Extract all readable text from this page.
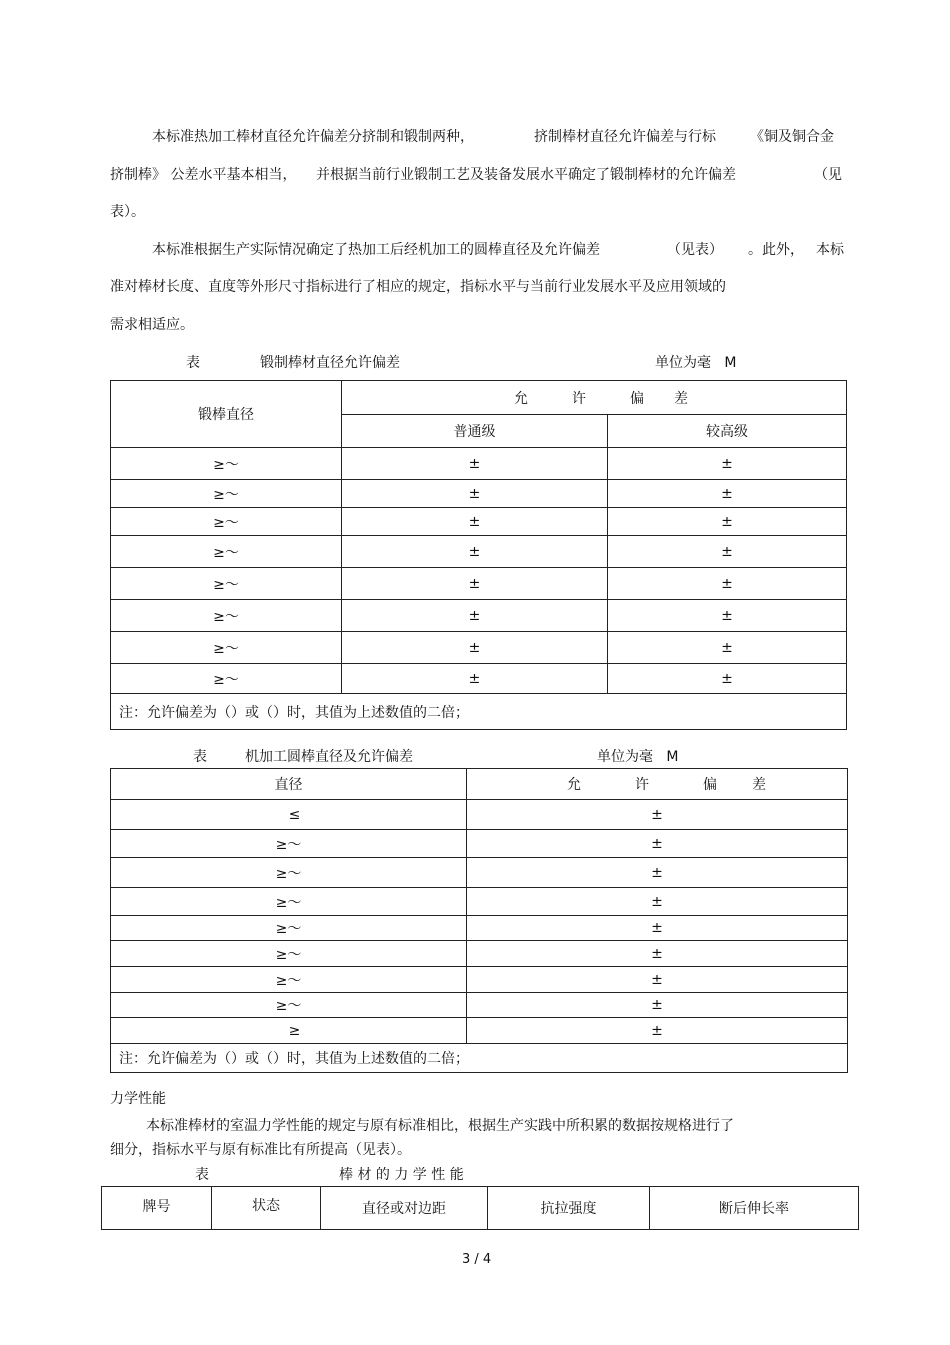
本标准热加工棒材直径允许偏差分挤制和锻制两种，	挤制棒材直径允许偏差与行标 《铜及铜合金
挤制棒》 公差水平基本相当， 并根据当前行业锻制工艺及装备发展水平确定了锻制棒材的允许偏差	（见
表）。
本标准根据生产实际情况确定了热加工后经机加工的圆棒直径及允许偏差	（见表） 。此外， 本标
准对棒材长度、直度等外形尺寸指标进行了相应的规定，指标水平与当前行业发展水平及应用领域的
需求相适应。
表	锻制棒材直径允许偏差	单位为毫   M
锻棒直径	允 许 偏 差	
	普通级	较高级
≥～	±	±
≥～	±	±
≥～	±	±
≥～	±	±
≥～	±	±
≥～	±	±
≥～	±	±
≥～	±	±
注：允许偏差为（）或（）时，其值为上述数值的二倍；		
表	机加工圆棒直径及允许偏差	单位为毫   M
直径	允 许 偏 差
≤	±
≥～	±
≥～	±
≥～	±
≥～	±
≥～	±
≥～	±
≥～	±
≥	±
注：允许偏差为（）或（）时，其值为上述数值的二倍；	
力学性能
本标准棒材的室温力学性能的规定与原有标准相比，根据生产实践中所积累的数据按规格进行了
细分，指标水平与原有标准比有所提高（见表）。
表	棒 材 的 力 学 性 能
牌号	状态	直径或对边距	抗拉强度	断后伸长率
3 / 4
